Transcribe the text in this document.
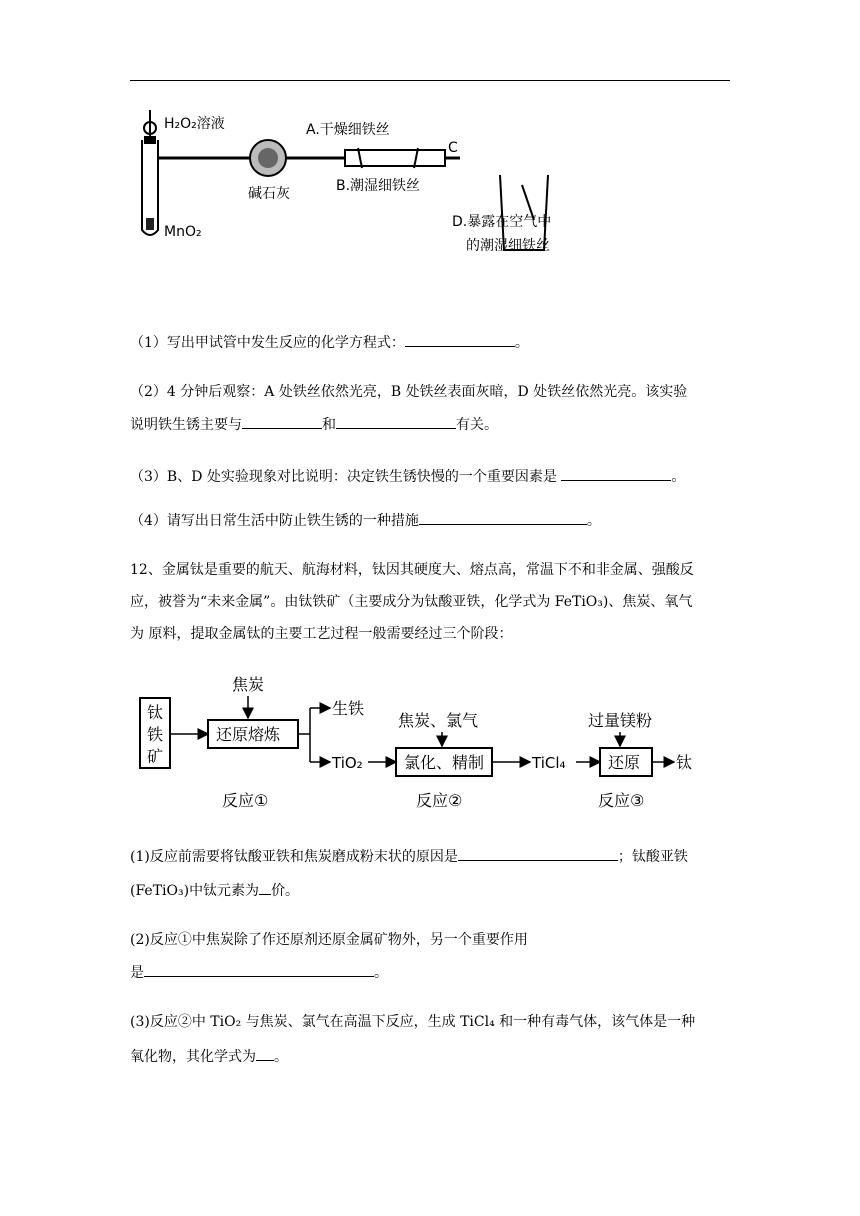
H₂O₂溶液
MnO₂
碱石灰
A.干燥细铁丝
B.潮湿细铁丝
C
D.暴露在空气中
的潮湿细铁丝
（1）写出甲试管中发生反应的化学方程式：	。
（2）4 分钟后观察：A 处铁丝依然光亮，B 处铁丝表面灰暗，D 处铁丝依然光亮。该实验
说明铁生锈主要与	和	有关。
（3）B、D 处实验现象对比说明：决定铁生锈快慢的一个重要因素是	。
（4）请写出日常生活中防止铁生锈的一种措施	。
12、金属钛是重要的航天、航海材料，钛因其硬度大、熔点高，常温下不和非金属、强酸反
应，被誉为“未来金属”。由钛铁矿（主要成分为钛酸亚铁，化学式为 FeTiO₃)、焦炭、氧气
为 原料，提取金属钛的主要工艺过程一般需要经过三个阶段：
钛
铁
矿
焦炭
还原熔炼
生铁
TiO₂
焦炭、氯气
氯化、精制	TiCl₄
过量镁粉
还原 钛
反应①	反应②	反应③
(1)反应前需要将钛酸亚铁和焦炭磨成粉末状的原因是	；钛酸亚铁
(FeTiO₃)中钛元素为 价。
(2)反应①中焦炭除了作还原剂还原金属矿物外，另一个重要作用
是	。
(3)反应②中 TiO₂ 与焦炭、氯气在高温下反应，生成 TiCl₄ 和一种有毒气体，该气体是一种
氧化物，其化学式为 。
